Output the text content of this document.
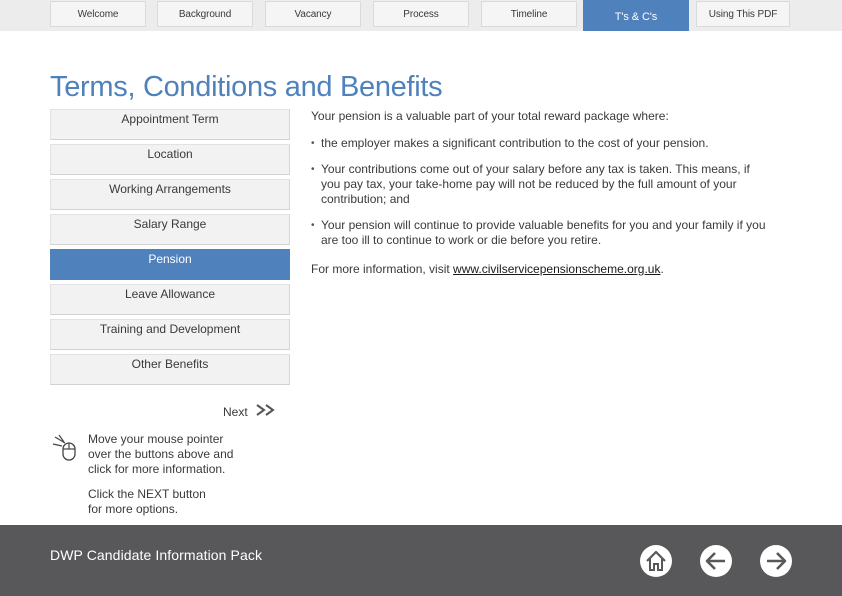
Welcome	Background	Vacancy	Process	Timeline	T's & C's	Using This PDF
Terms, Conditions and Benefits
Appointment Term
Location
Working Arrangements
Salary Range
Pension
Leave Allowance
Training and Development
Other Benefits
Next
Move your mouse pointer over the buttons above and click for more information.
Click the NEXT button for more options.

Your pension is a valuable part of your total reward package where:

• the employer makes a significant contribution to the cost of your pension.
• Your contributions come out of your salary before any tax is taken. This means, if you pay tax, your take-home pay will not be reduced by the full amount of your contribution; and
• Your pension will continue to provide valuable benefits for you and your family if you are too ill to continue to work or die before you retire.

For more information, visit www.civilservicepensionscheme.org.uk.

DWP Candidate Information Pack
